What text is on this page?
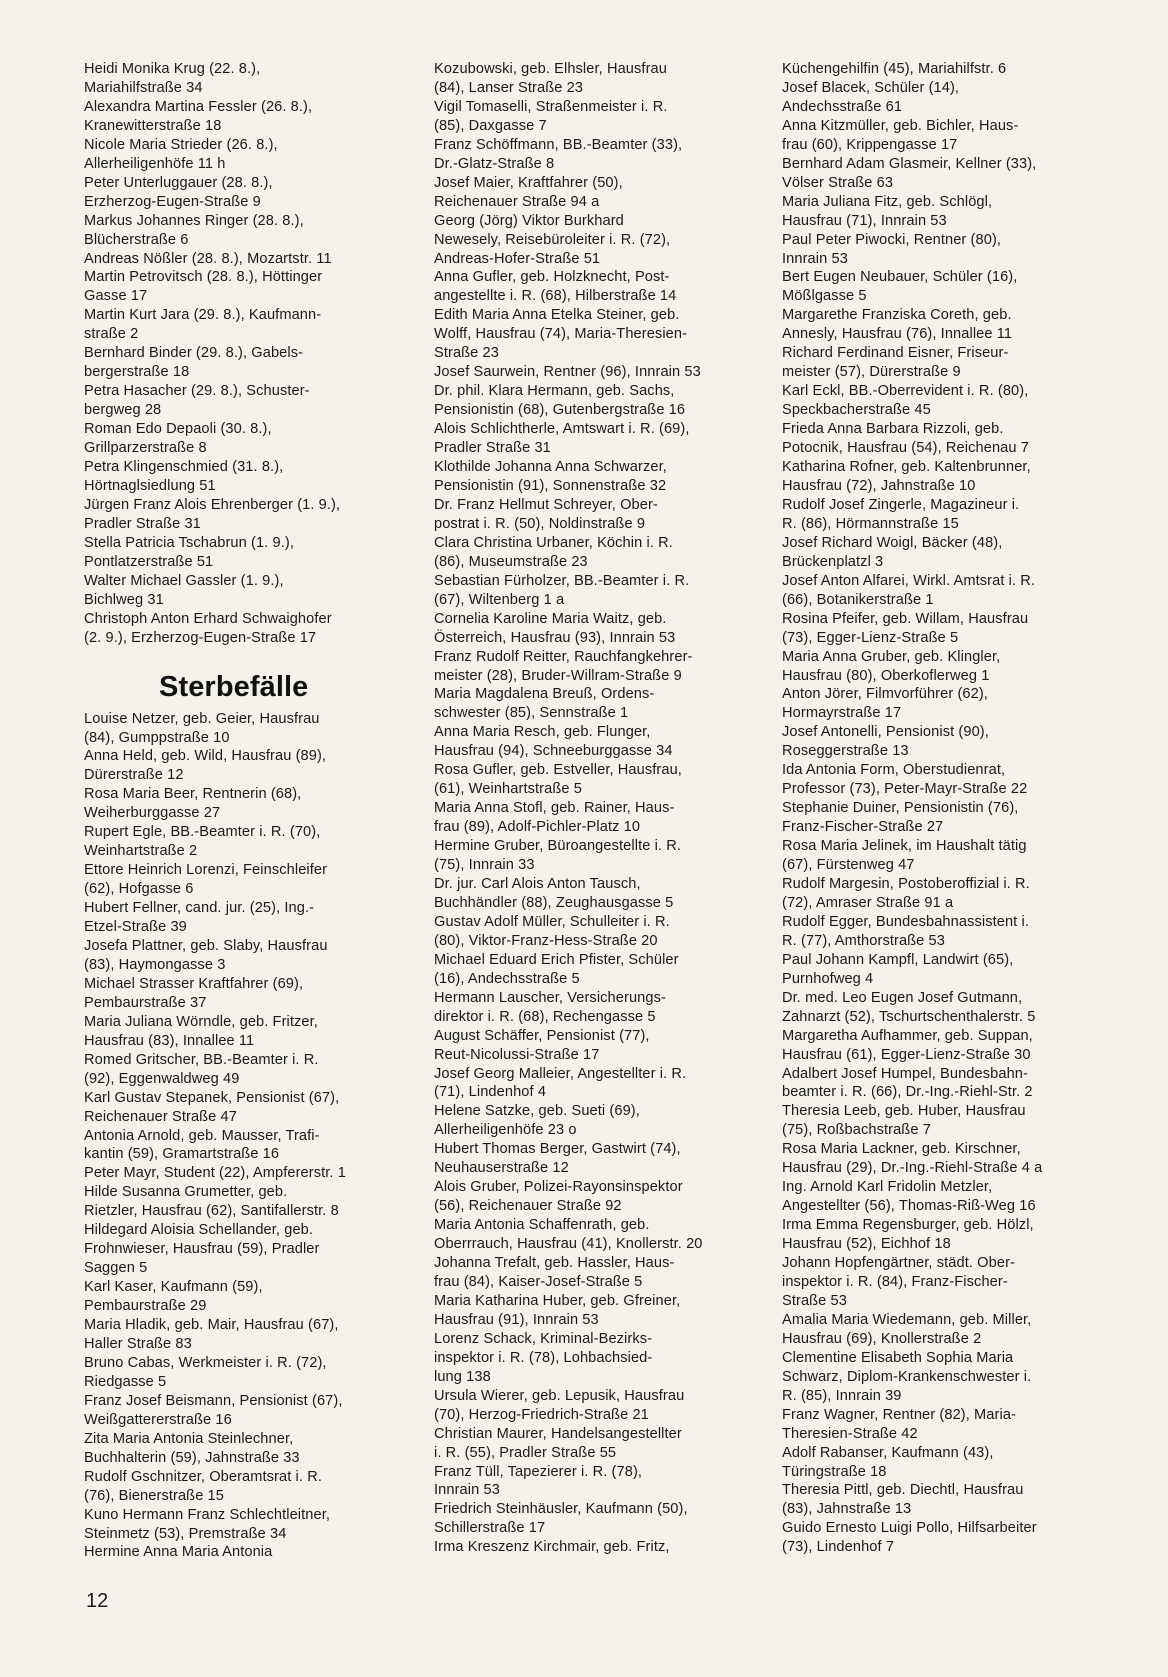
Heidi Monika Krug (22. 8.),
Mariahilfstraße 34
Alexandra Martina Fessler (26. 8.),
Kranewitterstraße 18
Nicole Maria Strieder (26. 8.),
Allerheiligenhöfe 11 h
Peter Unterluggauer (28. 8.),
Erzherzog-Eugen-Straße 9
Markus Johannes Ringer (28. 8.),
Blücherstraße 6
Andreas Nößler (28. 8.), Mozartstr. 11
Martin Petrovitsch (28. 8.), Höttinger
Gasse 17
Martin Kurt Jara (29. 8.), Kaufmann-
straße 2
Bernhard Binder (29. 8.), Gabels-
bergerstraße 18
Petra Hasacher (29. 8.), Schuster-
bergweg 28
Roman Edo Depaoli (30. 8.),
Grillparzerstraße 8
Petra Klingenschmied (31. 8.),
Hörtnaglsiedlung 51
Jürgen Franz Alois Ehrenberger (1. 9.),
Pradler Straße 31
Stella Patricia Tschabrun (1. 9.),
Pontlatzerstraße 51
Walter Michael Gassler (1. 9.),
Bichlweg 31
Christoph Anton Erhard Schwaighofer
(2. 9.), Erzherzog-Eugen-Straße 17
Sterbefälle
Louise Netzer, geb. Geier, Hausfrau
(84), Gumppstraße 10
Anna Held, geb. Wild, Hausfrau (89),
Dürerstraße 12
Rosa Maria Beer, Rentnerin (68),
Weiherburggasse 27
Rupert Egle, BB.-Beamter i. R. (70),
Weinhartstraße 2
Ettore Heinrich Lorenzi, Feinschleifer
(62), Hofgasse 6
Hubert Fellner, cand. jur. (25), Ing.-
Etzel-Straße 39
Josefa Plattner, geb. Slaby, Hausfrau
(83), Haymongasse 3
Michael Strasser Kraftfahrer (69),
Pembaurstraße 37
Maria Juliana Wörndle, geb. Fritzer,
Hausfrau (83), Innallee 11
Romed Gritscher, BB.-Beamter i. R.
(92), Eggenwaldweg 49
Karl Gustav Stepanek, Pensionist (67),
Reichenauer Straße 47
Antonia Arnold, geb. Mausser, Trafi-
kantin (59), Gramartstraße 16
Peter Mayr, Student (22), Ampfererstr. 1
Hilde Susanna Grumetter, geb.
Rietzler, Hausfrau (62), Santifallerstr. 8
Hildegard Aloisia Schellander, geb.
Frohnwieser, Hausfrau (59), Pradler
Saggen 5
Karl Kaser, Kaufmann (59),
Pembaurstraße 29
Maria Hladik, geb. Mair, Hausfrau (67),
Haller Straße 83
Bruno Cabas, Werkmeister i. R. (72),
Riedgasse 5
Franz Josef Beismann, Pensionist (67),
Weißgattererstraße 16
Zita Maria Antonia Steinlechner,
Buchhalterin (59), Jahnstraße 33
Rudolf Gschnitzer, Oberamtsrat i. R.
(76), Bienerstraße 15
Kuno Hermann Franz Schlechtleitner,
Steinmetz (53), Premstraße 34
Hermine Anna Maria Antonia
Kozubowski, geb. Elhsler, Hausfrau
(84), Lanser Straße 23
Vigil Tomaselli, Straßenmeister i. R.
(85), Daxgasse 7
Franz Schöffmann, BB.-Beamter (33),
Dr.-Glatz-Straße 8
Josef Maier, Kraftfahrer (50),
Reichenauer Straße 94 a
Georg (Jörg) Viktor Burkhard
Newesely, Reisebüroleiter i. R. (72),
Andreas-Hofer-Straße 51
Anna Gufler, geb. Holzknecht, Post-
angestellte i. R. (68), Hilberstraße 14
Edith Maria Anna Etelka Steiner, geb.
Wolff, Hausfrau (74), Maria-Theresien-
Straße 23
Josef Saurwein, Rentner (96), Innrain 53
Dr. phil. Klara Hermann, geb. Sachs,
Pensionistin (68), Gutenbergstraße 16
Alois Schlichtherle, Amtswart i. R. (69),
Pradler Straße 31
Klothilde Johanna Anna Schwarzer,
Pensionistin (91), Sonnenstraße 32
Dr. Franz Hellmut Schreyer, Ober-
postrat i. R. (50), Noldinstraße 9
Clara Christina Urbaner, Köchin i. R.
(86), Museumstraße 23
Sebastian Fürholzer, BB.-Beamter i. R.
(67), Wiltenberg 1 a
Cornelia Karoline Maria Waitz, geb.
Österreich, Hausfrau (93), Innrain 53
Franz Rudolf Reitter, Rauchfangkehrer-
meister (28), Bruder-Willram-Straße 9
Maria Magdalena Breuß, Ordens-
schwester (85), Sennstraße 1
Anna Maria Resch, geb. Flunger,
Hausfrau (94), Schneeburggasse 34
Rosa Gufler, geb. Estveller, Hausfrau,
(61), Weinhartstraße 5
Maria Anna Stofl, geb. Rainer, Haus-
frau (89), Adolf-Pichler-Platz 10
Hermine Gruber, Büroangestellte i. R.
(75), Innrain 33
Dr. jur. Carl Alois Anton Tausch,
Buchhändler (88), Zeughausgasse 5
Gustav Adolf Müller, Schulleiter i. R.
(80), Viktor-Franz-Hess-Straße 20
Michael Eduard Erich Pfister, Schüler
(16), Andechsstraße 5
Hermann Lauscher, Versicherungs-
direktor i. R. (68), Rechengasse 5
August Schäffer, Pensionist (77),
Reut-Nicolussi-Straße 17
Josef Georg Malleier, Angestellter i. R.
(71), Lindenhof 4
Helene Satzke, geb. Sueti (69),
Allerheiligenhöfe 23 o
Hubert Thomas Berger, Gastwirt (74),
Neuhauserstraße 12
Alois Gruber, Polizei-Rayonsinspektor
(56), Reichenauer Straße 92
Maria Antonia Schaffenrath, geb.
Oberrrauch, Hausfrau (41), Knollerstr. 20
Johanna Trefalt, geb. Hassler, Haus-
frau (84), Kaiser-Josef-Straße 5
Maria Katharina Huber, geb. Gfreiner,
Hausfrau (91), Innrain 53
Lorenz Schack, Kriminal-Bezirks-
inspektor i. R. (78), Lohbachsied-
lung 138
Ursula Wierer, geb. Lepusik, Hausfrau
(70), Herzog-Friedrich-Straße 21
Christian Maurer, Handelsangestellter
i. R. (55), Pradler Straße 55
Franz Tüll, Tapezierer i. R. (78),
Innrain 53
Friedrich Steinhäusler, Kaufmann (50),
Schillerstraße 17
Irma Kreszenz Kirchmair, geb. Fritz,
Küchengehilfin (45), Mariahilfstr. 6
Josef Blacek, Schüler (14),
Andechsstraße 61
Anna Kitzmüller, geb. Bichler, Haus-
frau (60), Krippengasse 17
Bernhard Adam Glasmeir, Kellner (33),
Völser Straße 63
Maria Juliana Fitz, geb. Schlögl,
Hausfrau (71), Innrain 53
Paul Peter Piwocki, Rentner (80),
Innrain 53
Bert Eugen Neubauer, Schüler (16),
Mößlgasse 5
Margarethe Franziska Coreth, geb.
Annesly, Hausfrau (76), Innallee 11
Richard Ferdinand Eisner, Friseur-
meister (57), Dürerstraße 9
Karl Eckl, BB.-Oberrevident i. R. (80),
Speckbacherstraße 45
Frieda Anna Barbara Rizzoli, geb.
Potocnik, Hausfrau (54), Reichenau 7
Katharina Rofner, geb. Kaltenbrunner,
Hausfrau (72), Jahnstraße 10
Rudolf Josef Zingerle, Magazineur i.
R. (86), Hörmannstraße 15
Josef Richard Woigl, Bäcker (48),
Brückenplatzl 3
Josef Anton Alfarei, Wirkl. Amtsrat i. R.
(66), Botanikerstraße 1
Rosina Pfeifer, geb. Willam, Hausfrau
(73), Egger-Lienz-Straße 5
Maria Anna Gruber, geb. Klingler,
Hausfrau (80), Oberkoflerweg 1
Anton Jörer, Filmvorführer (62),
Hormayrstraße 17
Josef Antonelli, Pensionist (90),
Roseggerstraße 13
Ida Antonia Form, Oberstudienrat,
Professor (73), Peter-Mayr-Straße 22
Stephanie Duiner, Pensionistin (76),
Franz-Fischer-Straße 27
Rosa Maria Jelinek, im Haushalt tätig
(67), Fürstenweg 47
Rudolf Margesin, Postoberoffizial i. R.
(72), Amraser Straße 91 a
Rudolf Egger, Bundesbahnassistent i.
R. (77), Amthorstraße 53
Paul Johann Kampfl, Landwirt (65),
Purnhofweg 4
Dr. med. Leo Eugen Josef Gutmann,
Zahnarzt (52), Tschurtschenthalerstr. 5
Margaretha Aufhammer, geb. Suppan,
Hausfrau (61), Egger-Lienz-Straße 30
Adalbert Josef Humpel, Bundesbahn-
beamter i. R. (66), Dr.-Ing.-Riehl-Str. 2
Theresia Leeb, geb. Huber, Hausfrau
(75), Roßbachstraße 7
Rosa Maria Lackner, geb. Kirschner,
Hausfrau (29), Dr.-Ing.-Riehl-Straße 4 a
Ing. Arnold Karl Fridolin Metzler,
Angestellter (56), Thomas-Riß-Weg 16
Irma Emma Regensburger, geb. Hölzl,
Hausfrau (52), Eichhof 18
Johann Hopfengärtner, städt. Ober-
inspektor i. R. (84), Franz-Fischer-
Straße 53
Amalia Maria Wiedemann, geb. Miller,
Hausfrau (69), Knollerstraße 2
Clementine Elisabeth Sophia Maria
Schwarz, Diplom-Krankenschwester i.
R. (85), Innrain 39
Franz Wagner, Rentner (82), Maria-
Theresien-Straße 42
Adolf Rabanser, Kaufmann (43),
Türingstraße 18
Theresia Pittl, geb. Diechtl, Hausfrau
(83), Jahnstraße 13
Guido Ernesto Luigi Pollo, Hilfsarbeiter
(73), Lindenhof 7
12
